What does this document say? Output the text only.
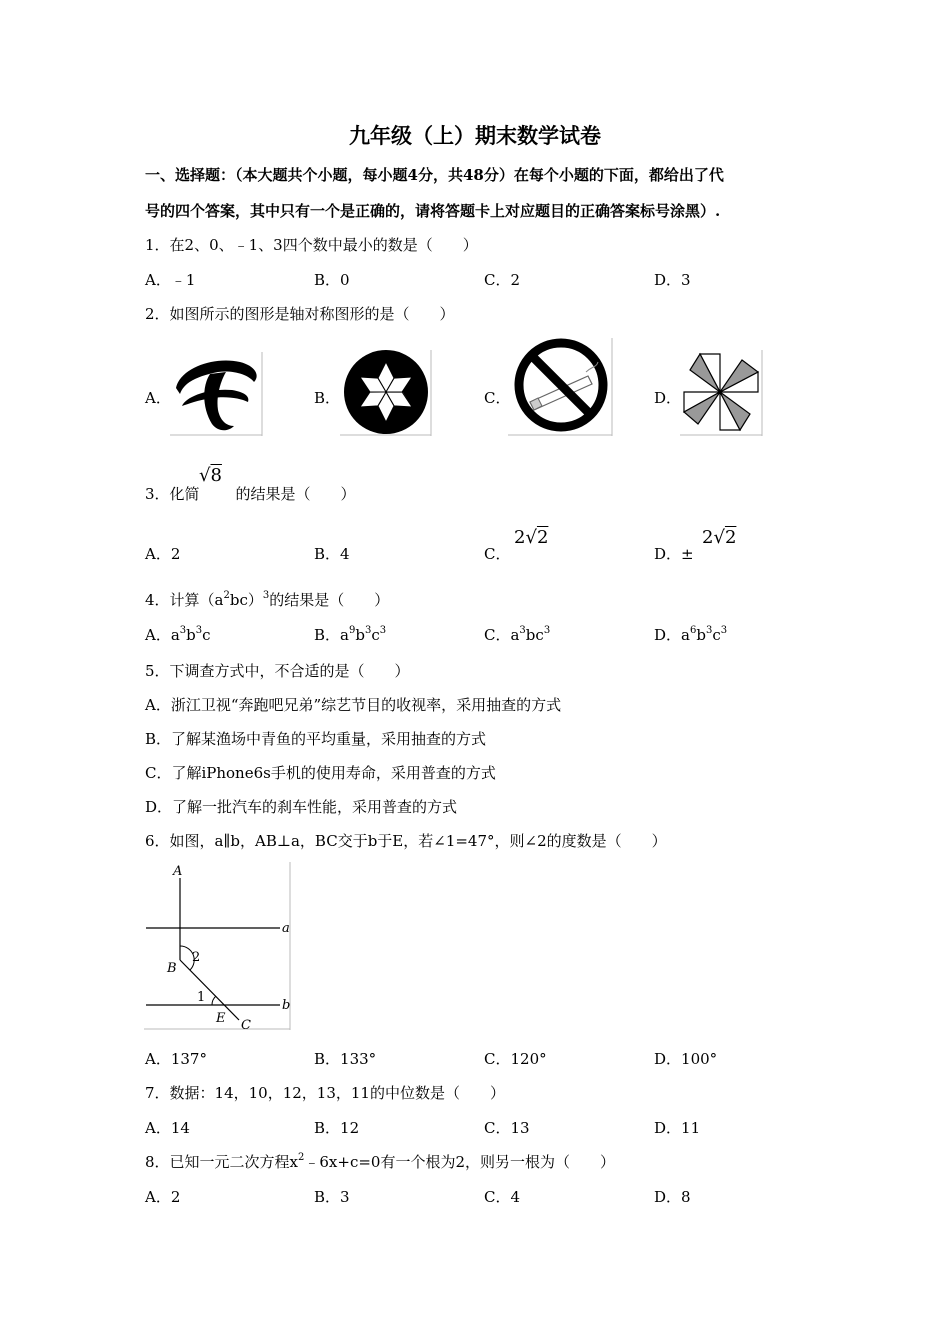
九年级（上）期末数学试卷
一、选择题：（本大题共个小题，每小题4分，共48分）在每个小题的下面，都给出了代
号的四个答案，其中只有一个是正确的，请将答题卡上对应题目的正确答案标号涂黑）.
1．在2、0、﹣1、3四个数中最小的数是（　　）
A．﹣1	B．0	C．2	D．3
2．如图所示的图形是轴对称图形的是（　　）
A．	B．	C．	D．
3．化简 的结果是（　　）
√8
A．2	B．4	C．
2√2
D．±
2√2
4．计算$(a^2bc)^3$的结果是（　　）
A．$a^3b^3c$	B．$a^9b^3c^3$	C．$a^3bc^3$	D．$a^6b^3c^3$
5．下调查方式中，不合适的是（　　）
A．浙江卫视“奔跑吧兄弟”综艺节目的收视率，采用抽查的方式
B．了解某渔场中青鱼的平均重量，采用抽查的方式
C．了解iPhone6s手机的使用寿命，采用普查的方式
D．了解一批汽车的刹车性能，采用普查的方式
6．如图，a∥b，AB⊥a，BC交于b于E，若∠1=47°，则∠2的度数是（　　）
A
a
B
2
1
b
E C
A．137°	B．133°	C．120°	D．100°
7．数据：14，10，12，13，11的中位数是（　　）
A．14	B．12	C．13	D．11
8．已知一元二次方程$x^2﹣6x+c=0$有一个根为2，则另一根为（　　）
A．2	B．3	C．4	D．8
